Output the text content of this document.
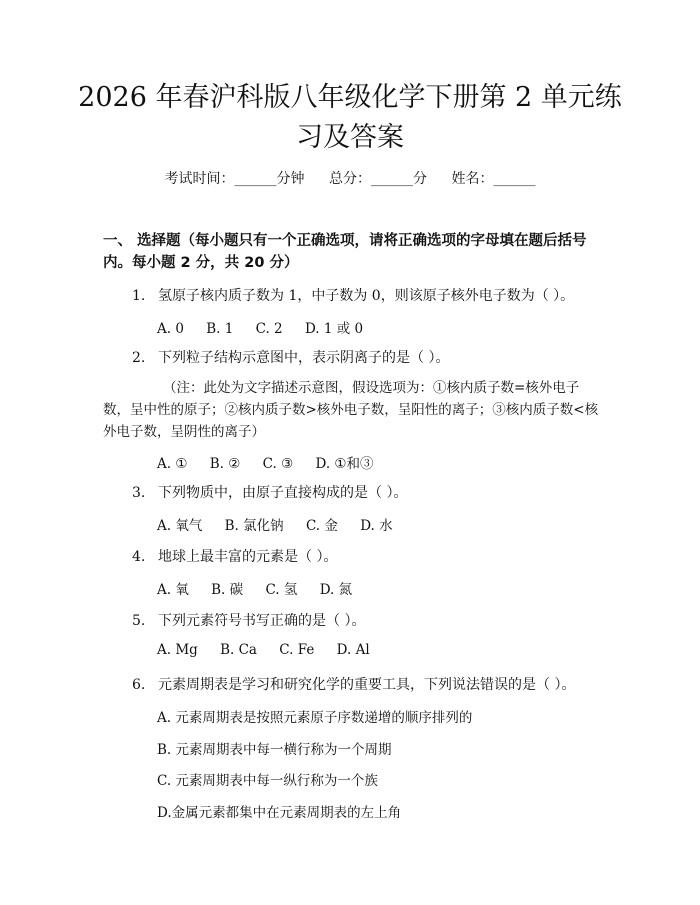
2026 年春沪科版八年级化学下册第 2 单元练习及答案
考试时间：______分钟 总分：______分 姓名：______
一、 选择题（每小题只有一个正确选项，请将正确选项的字母填在题后括号内。每小题 2 分，共 20 分）
1. 氢原子核内质子数为 1，中子数为 0，则该原子核外电子数为（ ）。
A. 0 B. 1 C. 2 D. 1 或 0
2. 下列粒子结构示意图中，表示阴离子的是（ ）。
（注：此处为文字描述示意图，假设选项为：①核内质子数=核外电子数，呈中性的原子；②核内质子数>核外电子数，呈阳性的离子；③核内质子数<核外电子数，呈阴性的离子）
A. ① B. ② C. ③ D. ①和③
3. 下列物质中，由原子直接构成的是（ ）。
A. 氧气 B. 氯化钠 C. 金 D. 水
4. 地球上最丰富的元素是（ ）。
A. 氧 B. 碳 C. 氢 D. 氮
5. 下列元素符号书写正确的是（ ）。
A. Mg B. Ca C. Fe D. Al
6. 元素周期表是学习和研究化学的重要工具，下列说法错误的是（ ）。
A. 元素周期表是按照元素原子序数递增的顺序排列的
B. 元素周期表中每一横行称为一个周期
C. 元素周期表中每一纵行称为一个族
D.金属元素都集中在元素周期表的左上角
